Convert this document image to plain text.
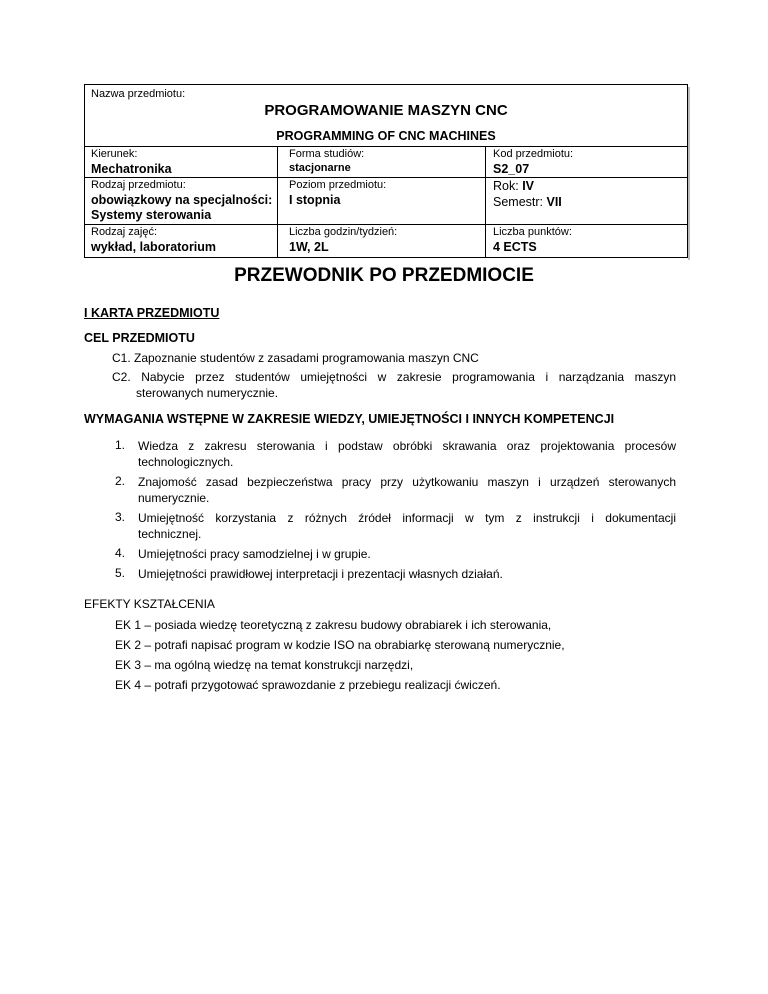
Nazwa przedmiotu:
PROGRAMOWANIE MASZYN CNC
PROGRAMMING OF CNC MACHINES
Kierunek:
Mechatronika
Forma studiów:
stacjonarne
Kod przedmiotu:
S2_07
Rodzaj przedmiotu:
obowiązkowy na specjalności:
Systemy sterowania
Poziom przedmiotu:
I stopnia
Rok: IV
Semestr: VII
Rodzaj zajęć:
wykład, laboratorium
Liczba godzin/tydzień:
1W, 2L
Liczba punktów:
4 ECTS
PRZEWODNIK PO PRZEDMIOCIE
I KARTA PRZEDMIOTU
CEL PRZEDMIOTU
C1. Zapoznanie studentów z zasadami programowania maszyn CNC
C2. Nabycie przez studentów umiejętności w zakresie programowania i narządzania maszyn
sterowanych numerycznie.
WYMAGANIA WSTĘPNE W ZAKRESIE WIEDZY, UMIEJĘTNOŚCI I INNYCH KOMPETENCJI
1. Wiedza z zakresu sterowania i podstaw obróbki skrawania oraz projektowania procesów
technologicznych.
2. Znajomość zasad bezpieczeństwa pracy przy użytkowaniu maszyn i urządzeń sterowanych
numerycznie.
3. Umiejętność korzystania z różnych źródeł informacji w tym z instrukcji i dokumentacji
technicznej.
4. Umiejętności pracy samodzielnej i w grupie.
5. Umiejętności prawidłowej interpretacji i prezentacji własnych działań.
EFEKTY KSZTAŁCENIA
EK 1 – posiada wiedzę teoretyczną z zakresu budowy obrabiarek i ich sterowania,
EK 2 – potrafi napisać program w kodzie ISO na obrabiarkę sterowaną numerycznie,
EK 3 – ma ogólną wiedzę na temat konstrukcji narzędzi,
EK 4 – potrafi przygotować sprawozdanie z przebiegu realizacji ćwiczeń.
